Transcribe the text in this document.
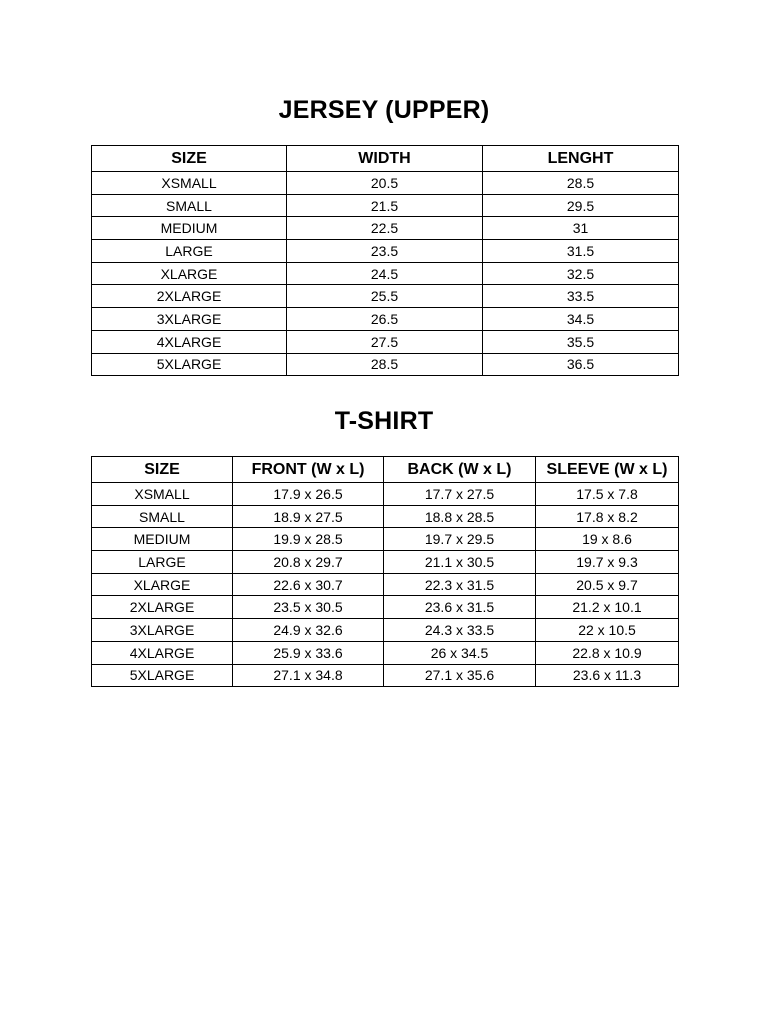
JERSEY (UPPER)
SIZE	WIDTH	LENGHT
XSMALL	20.5	28.5
SMALL	21.5	29.5
MEDIUM	22.5	31
LARGE	23.5	31.5
XLARGE	24.5	32.5
2XLARGE	25.5	33.5
3XLARGE	26.5	34.5
4XLARGE	27.5	35.5
5XLARGE	28.5	36.5
T-SHIRT
SIZE	FRONT (W x L)	BACK (W x L)	SLEEVE (W x L)
XSMALL	17.9 x 26.5	17.7 x 27.5	17.5 x 7.8
SMALL	18.9 x 27.5	18.8 x 28.5	17.8 x 8.2
MEDIUM	19.9 x 28.5	19.7 x 29.5	19 x 8.6
LARGE	20.8 x 29.7	21.1 x 30.5	19.7 x 9.3
XLARGE	22.6 x 30.7	22.3 x 31.5	20.5 x 9.7
2XLARGE	23.5 x 30.5	23.6 x 31.5	21.2 x 10.1
3XLARGE	24.9 x 32.6	24.3 x 33.5	22 x 10.5
4XLARGE	25.9 x 33.6	26 x 34.5	22.8 x 10.9
5XLARGE	27.1 x 34.8	27.1 x 35.6	23.6 x 11.3
